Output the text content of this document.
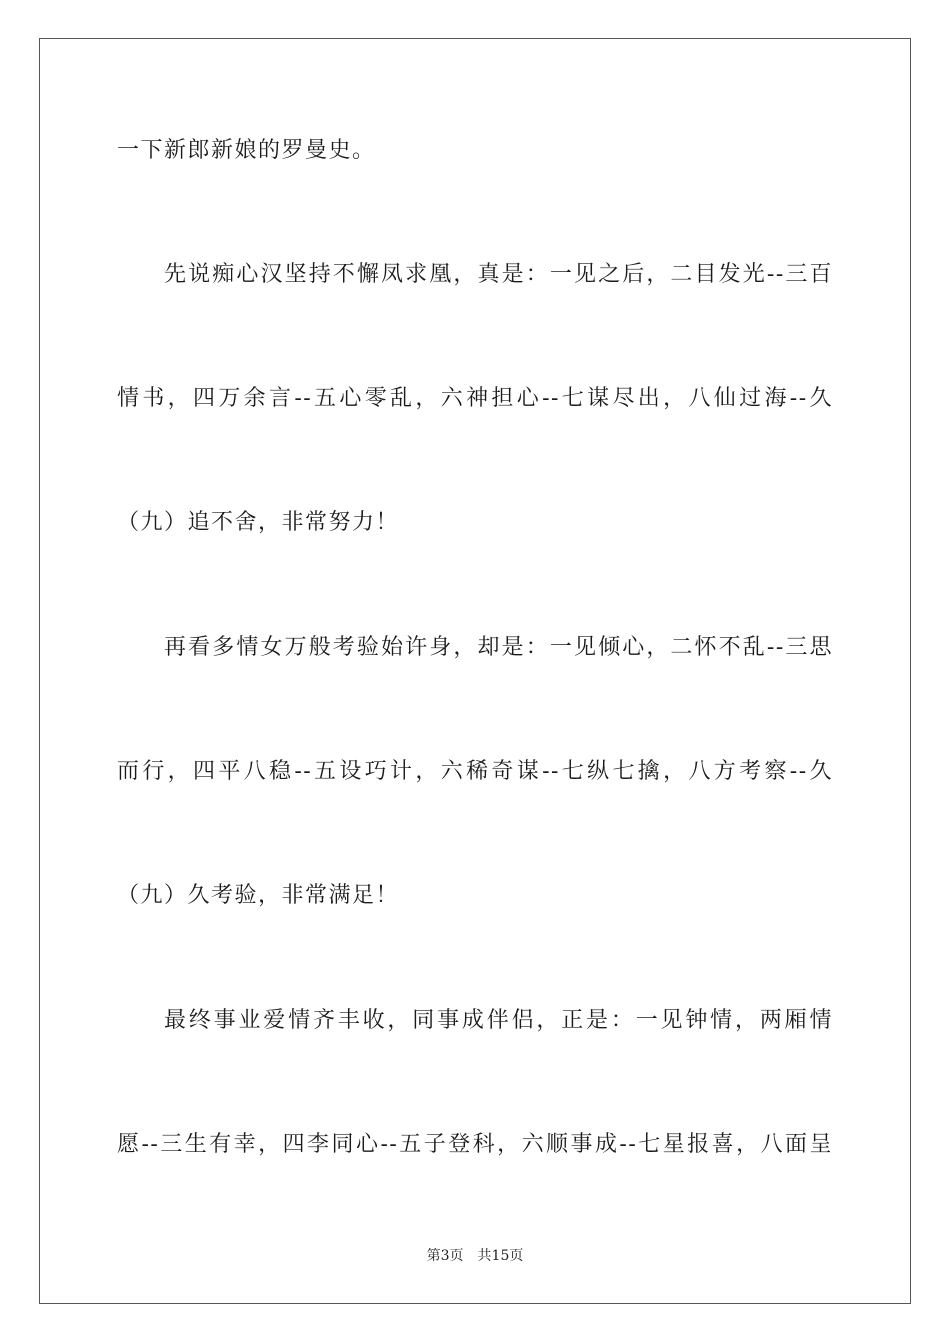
一下新郎新娘的罗曼史。
先说痴心汉坚持不懈凤求凰，真是：一见之后，二目发光--三百
情书，四万余言--五心零乱，六神担心--七谋尽出，八仙过海--久
（九）追不舍，非常努力！
再看多情女万般考验始许身，却是：一见倾心，二怀不乱--三思
而行，四平八稳--五设巧计，六稀奇谋--七纵七擒，八方考察--久
（九）久考验，非常满足！
最终事业爱情齐丰收，同事成伴侣，正是：一见钟情，两厢情
愿--三生有幸，四李同心--五子登科，六顺事成--七星报喜，八面呈
第3页 共15页
